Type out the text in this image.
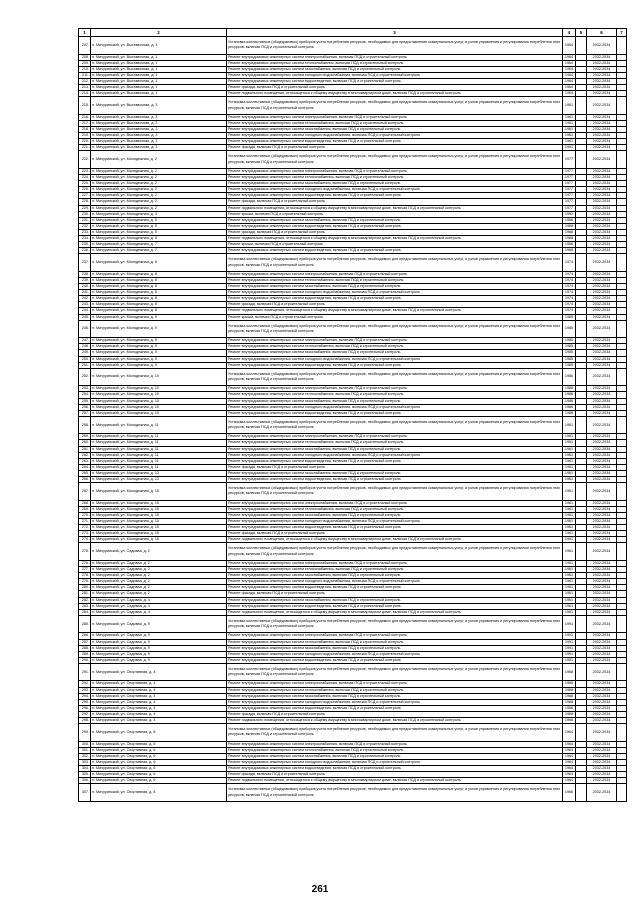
1	2	3	4	5	6	7
207.	п. Мичуринский, ул. Выставочная, д. 1	Установка коллективных (общедомовых) приборов учета потребления ресурсов, необходимых для предоставления коммунальных услуг, и узлов управления и регулирования потребления этих ресурсов, включая ПСД и строительный контроль	1964		2032-2034	
208.	п. Мичуринский, ул. Выставочная, д. 1	Ремонт внутридомовых инженерных систем электроснабжения, включая ПСД и строительный контроль	1964		2032-2034	
209.	п. Мичуринский, ул. Выставочная, д. 1	Ремонт внутридомовых инженерных систем теплоснабжения, включая ПСД и строительный контроль	1964		2032-2034	
210.	п. Мичуринский, ул. Выставочная, д. 1	Ремонт внутридомовых инженерных систем газоснабжения, включая ПСД и строительный контроль	1964		2032-2034	
211.	п. Мичуринский, ул. Выставочная, д. 1	Ремонт внутридомовых инженерных систем холодного водоснабжения, включая ПСД и строительный контроль	1964		2032-2034	
212.	п. Мичуринский, ул. Выставочная, д. 1	Ремонт внутридомовых инженерных систем водоотведения, включая ПСД и строительный контроль	1964		2032-2034	
213.	п. Мичуринский, ул. Выставочная, д. 1	Ремонт фасада, включая ПСД и строительный контроль	1964		2032-2034	
214.	п. Мичуринский, ул. Выставочная, д. 1	Ремонт подвального помещения, относящегося к общему имуществу в многоквартирном доме, включая ПСД и строительный контроль	1964		2032-2034	
215.	п. Мичуринский, ул. Выставочная, д. 3	Установка коллективных (общедомовых) приборов учета потребления ресурсов, необходимых для предоставления коммунальных услуг, и узлов управления и регулирования потребления этих ресурсов, включая ПСД и строительный контроль	1961		2032-2034	
216.	п. Мичуринский, ул. Выставочная, д. 3	Ремонт внутридомовых инженерных систем электроснабжения, включая ПСД и строительный контроль	1961		2032-2034	
217.	п. Мичуринский, ул. Выставочная, д. 3	Ремонт внутридомовых инженерных систем теплоснабжения, включая ПСД и строительный контроль	1961		2032-2034	
218.	п. Мичуринский, ул. Выставочная, д. 3	Ремонт внутридомовых инженерных систем газоснабжения, включая ПСД и строительный контроль	1961		2032-2034	
219.	п. Мичуринский, ул. Выставочная, д. 3	Ремонт внутридомовых инженерных систем холодного водоснабжения, включая ПСД и строительный контроль	1961		2032-2034	
220.	п. Мичуринский, ул. Выставочная, д. 3	Ремонт внутридомовых инженерных систем водоотведения, включая ПСД и строительный контроль	1961		2032-2034	
221.	п. Мичуринский, ул. Выставочная, д. 3	Ремонт фасада, включая ПСД и строительный контроль	1961		2032-2034	
222.	п. Мичуринский, ул. Молодежная, д. 2	Установка коллективных (общедомовых) приборов учета потребления ресурсов, необходимых для предоставления коммунальных услуг, и узлов управления и регулирования потребления этих ресурсов, включая ПСД и строительный контроль	1977		2032-2034	
223.	п. Мичуринский, ул. Молодежная, д. 2	Ремонт внутридомовых инженерных систем электроснабжения, включая ПСД и строительный контроль	1977		2032-2034	
224.	п. Мичуринский, ул. Молодежная, д. 2	Ремонт внутридомовых инженерных систем теплоснабжения, включая ПСД и строительный контроль	1977		2032-2034	
225.	п. Мичуринский, ул. Молодежная, д. 2	Ремонт внутридомовых инженерных систем газоснабжения, включая ПСД и строительный контроль	1977		2032-2034	
226.	п. Мичуринский, ул. Молодежная, д. 2	Ремонт внутридомовых инженерных систем холодного водоснабжения, включая ПСД и строительный контроль	1977		2032-2034	
227.	п. Мичуринский, ул. Молодежная, д. 2	Ремонт внутридомовых инженерных систем водоотведения, включая ПСД и строительный контроль	1977		2032-2034	
228.	п. Мичуринский, ул. Молодежная, д. 2	Ремонт фасада, включая ПСД и строительный контроль	1977		2032-2034	
229.	п. Мичуринский, ул. Молодежная, д. 2	Ремонт подвального помещения, относящегося к общему имуществу в многоквартирном доме, включая ПСД и строительный контроль	1977		2032-2034	
230.	п. Мичуринский, ул. Молодежная, д. 4	Ремонт крыши, включая ПСД и строительный контроль	1992		2032-2034	
231.	п. Мичуринский, ул. Молодежная, д. 5	Ремонт внутридомовых инженерных систем газоснабжения, включая ПСД и строительный контроль	1968		2032-2034	
232.	п. Мичуринский, ул. Молодежная, д. 5	Ремонт внутридомовых инженерных систем водоотведения, включая ПСД и строительный контроль	1968		2032-2034	
233.	п. Мичуринский, ул. Молодежная, д. 5	Ремонт фасада, включая ПСД и строительный контроль	1968		2032-2034	
234.	п. Мичуринский, ул. Молодежная, д. 5	Ремонт подвального помещения, относящегося к общему имуществу в многоквартирном доме, включая ПСД и строительный контроль	1968		2032-2034	
235.	п. Мичуринский, ул. Молодежная, д. 7	Ремонт крыши, включая ПСД и строительный контроль	1968		2032-2034	
236.	п. Мичуринский, ул. Молодежная, д. 7	Ремонт внутридомовых инженерных систем водоотведения, включая ПСД и строительный контроль	1968		2032-2034	
237.	п. Мичуринский, ул. Молодежная, д. 8	Установка коллективных (общедомовых) приборов учета потребления ресурсов, необходимых для предоставления коммунальных услуг, и узлов управления и регулирования потребления этих ресурсов, включая ПСД и строительный контроль	1974		2032-2034	
238.	п. Мичуринский, ул. Молодежная, д. 8	Ремонт внутридомовых инженерных систем электроснабжения, включая ПСД и строительный контроль	1974		2032-2034	
239.	п. Мичуринский, ул. Молодежная, д. 8	Ремонт внутридомовых инженерных систем теплоснабжения, включая ПСД и строительный контроль	1974		2032-2034	
240.	п. Мичуринский, ул. Молодежная, д. 8	Ремонт внутридомовых инженерных систем газоснабжения, включая ПСД и строительный контроль	1974		2032-2034	
241.	п. Мичуринский, ул. Молодежная, д. 8	Ремонт внутридомовых инженерных систем холодного водоснабжения, включая ПСД и строительный контроль	1974		2032-2034	
242.	п. Мичуринский, ул. Молодежная, д. 8	Ремонт внутридомовых инженерных систем водоотведения, включая ПСД и строительный контроль	1974		2032-2034	
243.	п. Мичуринский, ул. Молодежная, д. 8	Ремонт фасада, включая ПСД и строительный контроль	1974		2032-2034	
244.	п. Мичуринский, ул. Молодежная, д. 8	Ремонт подвального помещения, относящегося к общему имуществу в многоквартирном доме, включая ПСД и строительный контроль	1974		2032-2034	
245.	п. Мичуринский, ул. Молодежная, д. 9	Ремонт крыши, включая ПСД и строительный контроль	1985		2032-2034	
246.	п. Мичуринский, ул. Молодежная, д. 9	Установка коллективных (общедомовых) приборов учета потребления ресурсов, необходимых для предоставления коммунальных услуг, и узлов управления и регулирования потребления этих ресурсов, включая ПСД и строительный контроль	1985		2032-2034	
247.	п. Мичуринский, ул. Молодежная, д. 9	Ремонт внутридомовых инженерных систем электроснабжения, включая ПСД и строительный контроль	1985		2032-2034	
248.	п. Мичуринский, ул. Молодежная, д. 9	Ремонт внутридомовых инженерных систем теплоснабжения, включая ПСД и строительный контроль	1985		2032-2034	
249.	п. Мичуринский, ул. Молодежная, д. 9	Ремонт внутридомовых инженерных систем газоснабжения, включая ПСД и строительный контроль	1985		2032-2034	
250.	п. Мичуринский, ул. Молодежная, д. 9	Ремонт внутридомовых инженерных систем холодного водоснабжения, включая ПСД и строительный контроль	1985		2032-2034	
251.	п. Мичуринский, ул. Молодежная, д. 9	Ремонт внутридомовых инженерных систем водоотведения, включая ПСД и строительный контроль	1985		2032-2034	
252.	п. Мичуринский, ул. Молодежная, д. 10	Установка коллективных (общедомовых) приборов учета потребления ресурсов, необходимых для предоставления коммунальных услуг, и узлов управления и регулирования потребления этих ресурсов, включая ПСД и строительный контроль	1986		2032-2034	
253.	п. Мичуринский, ул. Молодежная, д. 10	Ремонт внутридомовых инженерных систем электроснабжения, включая ПСД и строительный контроль	1986		2032-2034	
254.	п. Мичуринский, ул. Молодежная, д. 10	Ремонт внутридомовых инженерных систем теплоснабжения, включая ПСД и строительный контроль	1986		2032-2034	
255.	п. Мичуринский, ул. Молодежная, д. 10	Ремонт внутридомовых инженерных систем газоснабжения, включая ПСД и строительный контроль	1986		2032-2034	
256.	п. Мичуринский, ул. Молодежная, д. 10	Ремонт внутридомовых инженерных систем холодного водоснабжения, включая ПСД и строительный контроль	1986		2032-2034	
257.	п. Мичуринский, ул. Молодежная, д. 10	Ремонт внутридомовых инженерных систем водоотведения, включая ПСД и строительный контроль	1986		2032-2034	
258.	п. Мичуринский, ул. Молодежная, д. 11	Установка коллективных (общедомовых) приборов учета потребления ресурсов, необходимых для предоставления коммунальных услуг, и узлов управления и регулирования потребления этих ресурсов, включая ПСД и строительный контроль	1961		2032-2034	
259.	п. Мичуринский, ул. Молодежная, д. 11	Ремонт внутридомовых инженерных систем электроснабжения, включая ПСД и строительный контроль	1961		2032-2034	
260.	п. Мичуринский, ул. Молодежная, д. 11	Ремонт внутридомовых инженерных систем теплоснабжения, включая ПСД и строительный контроль	1961		2032-2034	
261.	п. Мичуринский, ул. Молодежная, д. 11	Ремонт внутридомовых инженерных систем газоснабжения, включая ПСД и строительный контроль	1961		2032-2034	
262.	п. Мичуринский, ул. Молодежная, д. 11	Ремонт внутридомовых инженерных систем холодного водоснабжения, включая ПСД и строительный контроль	1961		2032-2034	
263.	п. Мичуринский, ул. Молодежная, д. 11	Ремонт внутридомовых инженерных систем водоотведения, включая ПСД и строительный контроль	1961		2032-2034	
264.	п. Мичуринский, ул. Молодежная, д. 11	Ремонт фасада, включая ПСД и строительный контроль	1961		2032-2034	
265.	п. Мичуринский, ул. Молодежная, д. 13	Ремонт внутридомовых инженерных систем газоснабжения, включая ПСД и строительный контроль	1961		2032-2034	
266.	п. Мичуринский, ул. Молодежная, д. 13	Ремонт внутридомовых инженерных систем водоотведения, включая ПСД и строительный контроль	1961		2032-2034	
267.	п. Мичуринский, ул. Молодежная, д. 15	Установка коллективных (общедомовых) приборов учета потребления ресурсов, необходимых для предоставления коммунальных услуг, и узлов управления и регулирования потребления этих ресурсов, включая ПСД и строительный контроль	1961		2032-2034	
268.	п. Мичуринский, ул. Молодежная, д. 15	Ремонт внутридомовых инженерных систем электроснабжения, включая ПСД и строительный контроль	1961		2032-2034	
269.	п. Мичуринский, ул. Молодежная, д. 15	Ремонт внутридомовых инженерных систем теплоснабжения, включая ПСД и строительный контроль	1961		2032-2034	
270.	п. Мичуринский, ул. Молодежная, д. 15	Ремонт внутридомовых инженерных систем газоснабжения, включая ПСД и строительный контроль	1961		2032-2034	
271.	п. Мичуринский, ул. Молодежная, д. 15	Ремонт внутридомовых инженерных систем холодного водоснабжения, включая ПСД и строительный контроль	1961		2032-2034	
272.	п. Мичуринский, ул. Молодежная, д. 15	Ремонт внутридомовых инженерных систем водоотведения, включая ПСД и строительный контроль	1961		2032-2034	
273.	п. Мичуринский, ул. Молодежная, д. 15	Ремонт фасада, включая ПСД и строительный контроль	1961		2032-2034	
274.	п. Мичуринский, ул. Молодежная, д. 15	Ремонт подвального помещения, относящегося к общему имуществу в многоквартирном доме, включая ПСД и строительный контроль	1961		2032-2034	
275.	п. Мичуринский, ул. Садовая, д. 2	Установка коллективных (общедомовых) приборов учета потребления ресурсов, необходимых для предоставления коммунальных услуг, и узлов управления и регулирования потребления этих ресурсов, включая ПСД и строительный контроль	1961		2032-2034	
276.	п. Мичуринский, ул. Садовая, д. 2	Ремонт внутридомовых инженерных систем электроснабжения, включая ПСД и строительный контроль	1961		2032-2034	
277.	п. Мичуринский, ул. Садовая, д. 2	Ремонт внутридомовых инженерных систем теплоснабжения, включая ПСД и строительный контроль	1961		2032-2034	
278.	п. Мичуринский, ул. Садовая, д. 2	Ремонт внутридомовых инженерных систем газоснабжения, включая ПСД и строительный контроль	1961		2032-2034	
279.	п. Мичуринский, ул. Садовая, д. 2	Ремонт внутридомовых инженерных систем холодного водоснабжения, включая ПСД и строительный контроль	1961		2032-2034	
280.	п. Мичуринский, ул. Садовая, д. 2	Ремонт внутридомовых инженерных систем водоотведения, включая ПСД и строительный контроль	1961		2032-2034	
281.	п. Мичуринский, ул. Садовая, д. 2	Ремонт фасада, включая ПСД и строительный контроль	1961		2032-2034	
282.	п. Мичуринский, ул. Садовая, д. 4	Ремонт внутридомовых инженерных систем газоснабжения, включая ПСД и строительный контроль	1961		2032-2034	
283.	п. Мичуринский, ул. Садовая, д. 4	Ремонт внутридомовых инженерных систем водоотведения, включая ПСД и строительный контроль	1961		2032-2034	
284.	п. Мичуринский, ул. Садовая, д. 4	Ремонт подвального помещения, относящегося к общему имуществу в многоквартирном доме, включая ПСД и строительный контроль	1961		2032-2034	
285.	п. Мичуринский, ул. Садовая, д. 9	Установка коллективных (общедомовых) приборов учета потребления ресурсов, необходимых для предоставления коммунальных услуг, и узлов управления и регулирования потребления этих ресурсов, включая ПСД и строительный контроль	1991		2032-2034	
286.	п. Мичуринский, ул. Садовая, д. 9	Ремонт внутридомовых инженерных систем электроснабжения, включая ПСД и строительный контроль	1991		2032-2034	
287.	п. Мичуринский, ул. Садовая, д. 9	Ремонт внутридомовых инженерных систем теплоснабжения, включая ПСД и строительный контроль	1991		2032-2034	
288.	п. Мичуринский, ул. Садовая, д. 9	Ремонт внутридомовых инженерных систем газоснабжения, включая ПСД и строительный контроль	1991		2032-2034	
289.	п. Мичуринский, ул. Садовая, д. 9	Ремонт внутридомовых инженерных систем холодного водоснабжения, включая ПСД и строительный контроль	1991		2032-2034	
290.	п. Мичуринский, ул. Садовая, д. 9	Ремонт внутридомовых инженерных систем водоотведения, включая ПСД и строительный контроль	1991		2032-2034	
291.	п. Мичуринский, ул. Спортивная, д. 4	Установка коллективных (общедомовых) приборов учета потребления ресурсов, необходимых для предоставления коммунальных услуг, и узлов управления и регулирования потребления этих ресурсов, включая ПСД и строительный контроль	1968		2032-2034	
292.	п. Мичуринский, ул. Спортивная, д. 4	Ремонт внутридомовых инженерных систем электроснабжения, включая ПСД и строительный контроль	1968		2032-2034	
293.	п. Мичуринский, ул. Спортивная, д. 4	Ремонт внутридомовых инженерных систем теплоснабжения, включая ПСД и строительный контроль	1968		2032-2034	
294.	п. Мичуринский, ул. Спортивная, д. 4	Ремонт внутридомовых инженерных систем газоснабжения, включая ПСД и строительный контроль	1968		2032-2034	
295.	п. Мичуринский, ул. Спортивная, д. 4	Ремонт внутридомовых инженерных систем холодного водоснабжения, включая ПСД и строительный контроль	1968		2032-2034	
296.	п. Мичуринский, ул. Спортивная, д. 4	Ремонт внутридомовых инженерных систем водоотведения, включая ПСД и строительный контроль	1968		2032-2034	
297.	п. Мичуринский, ул. Спортивная, д. 4	Ремонт фасада, включая ПСД и строительный контроль	1968		2032-2034	
298.	п. Мичуринский, ул. Спортивная, д. 4	Ремонт подвального помещения, относящегося к общему имуществу в многоквартирном доме, включая ПСД и строительный контроль	1968		2032-2034	
299.	п. Мичуринский, ул. Спортивная, д. 6	Установка коллективных (общедомовых) приборов учета потребления ресурсов, необходимых для предоставления коммунальных услуг, и узлов управления и регулирования потребления этих ресурсов, включая ПСД и строительный контроль	1964		2032-2034	
300.	п. Мичуринский, ул. Спортивная, д. 6	Ремонт внутридомовых инженерных систем электроснабжения, включая ПСД и строительный контроль	1964		2032-2034	
301.	п. Мичуринский, ул. Спортивная, д. 6	Ремонт внутридомовых инженерных систем теплоснабжения, включая ПСД и строительный контроль	1964		2032-2034	
302.	п. Мичуринский, ул. Спортивная, д. 6	Ремонт внутридомовых инженерных систем газоснабжения, включая ПСД и строительный контроль	1964		2032-2034	
303.	п. Мичуринский, ул. Спортивная, д. 6	Ремонт внутридомовых инженерных систем холодного водоснабжения, включая ПСД и строительный контроль	1964		2032-2034	
304.	п. Мичуринский, ул. Спортивная, д. 6	Ремонт внутридомовых инженерных систем водоотведения, включая ПСД и строительный контроль	1964		2032-2034	
305.	п. Мичуринский, ул. Спортивная, д. 6	Ремонт фасада, включая ПСД и строительный контроль	1964		2032-2034	
306.	п. Мичуринский, ул. Спортивная, д. 6	Ремонт подвального помещения, относящегося к общему имуществу в многоквартирном доме, включая ПСД и строительный контроль	1964		2032-2034	
307.	п. Мичуринский, ул. Спортивная, д. 8	Установка коллективных (общедомовых) приборов учета потребления ресурсов, необходимых для предоставления коммунальных услуг, и узлов управления и регулирования потребления этих ресурсов, включая ПСД и строительный контроль	1966		2032-2034	
261
